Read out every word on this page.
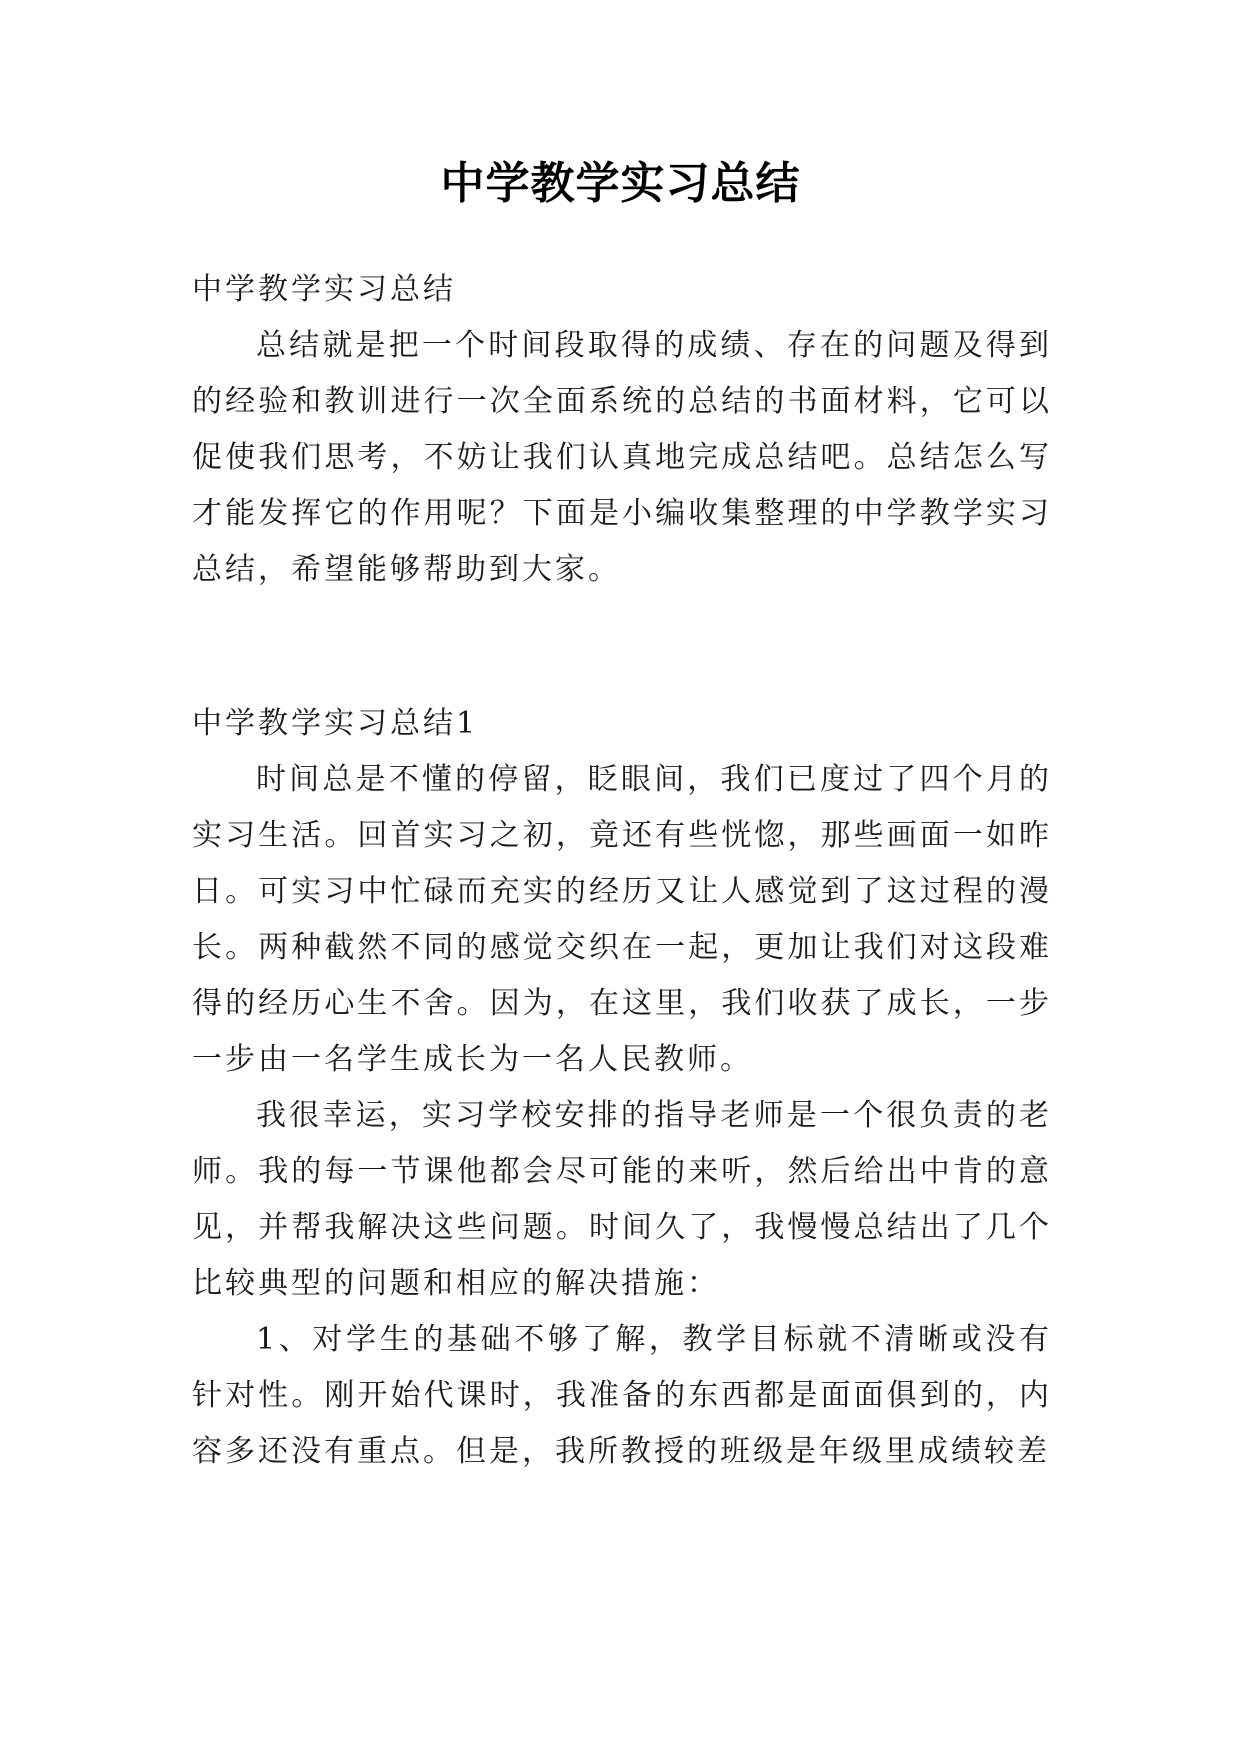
中学教学实习总结
中学教学实习总结

总结就是把一个时间段取得的成绩、存在的问题及得到的经验和教训进行一次全面系统的总结的书面材料，它可以促使我们思考，不妨让我们认真地完成总结吧。总结怎么写才能发挥它的作用呢？下面是小编收集整理的中学教学实习总结，希望能够帮助到大家。

中学教学实习总结1

时间总是不懂的停留，眨眼间，我们已度过了四个月的实习生活。回首实习之初，竟还有些恍惚，那些画面一如昨日。可实习中忙碌而充实的经历又让人感觉到了这过程的漫长。两种截然不同的感觉交织在一起，更加让我们对这段难得的经历心生不舍。因为，在这里，我们收获了成长，一步一步由一名学生成长为一名人民教师。

我很幸运，实习学校安排的指导老师是一个很负责的老师。我的每一节课他都会尽可能的来听，然后给出中肯的意见，并帮我解决这些问题。时间久了，我慢慢总结出了几个比较典型的问题和相应的解决措施：

1、对学生的基础不够了解，教学目标就不清晰或没有针对性。刚开始代课时，我准备的东西都是面面俱到的，内容多还没有重点。但是，我所教授的班级是年级里成绩较差
